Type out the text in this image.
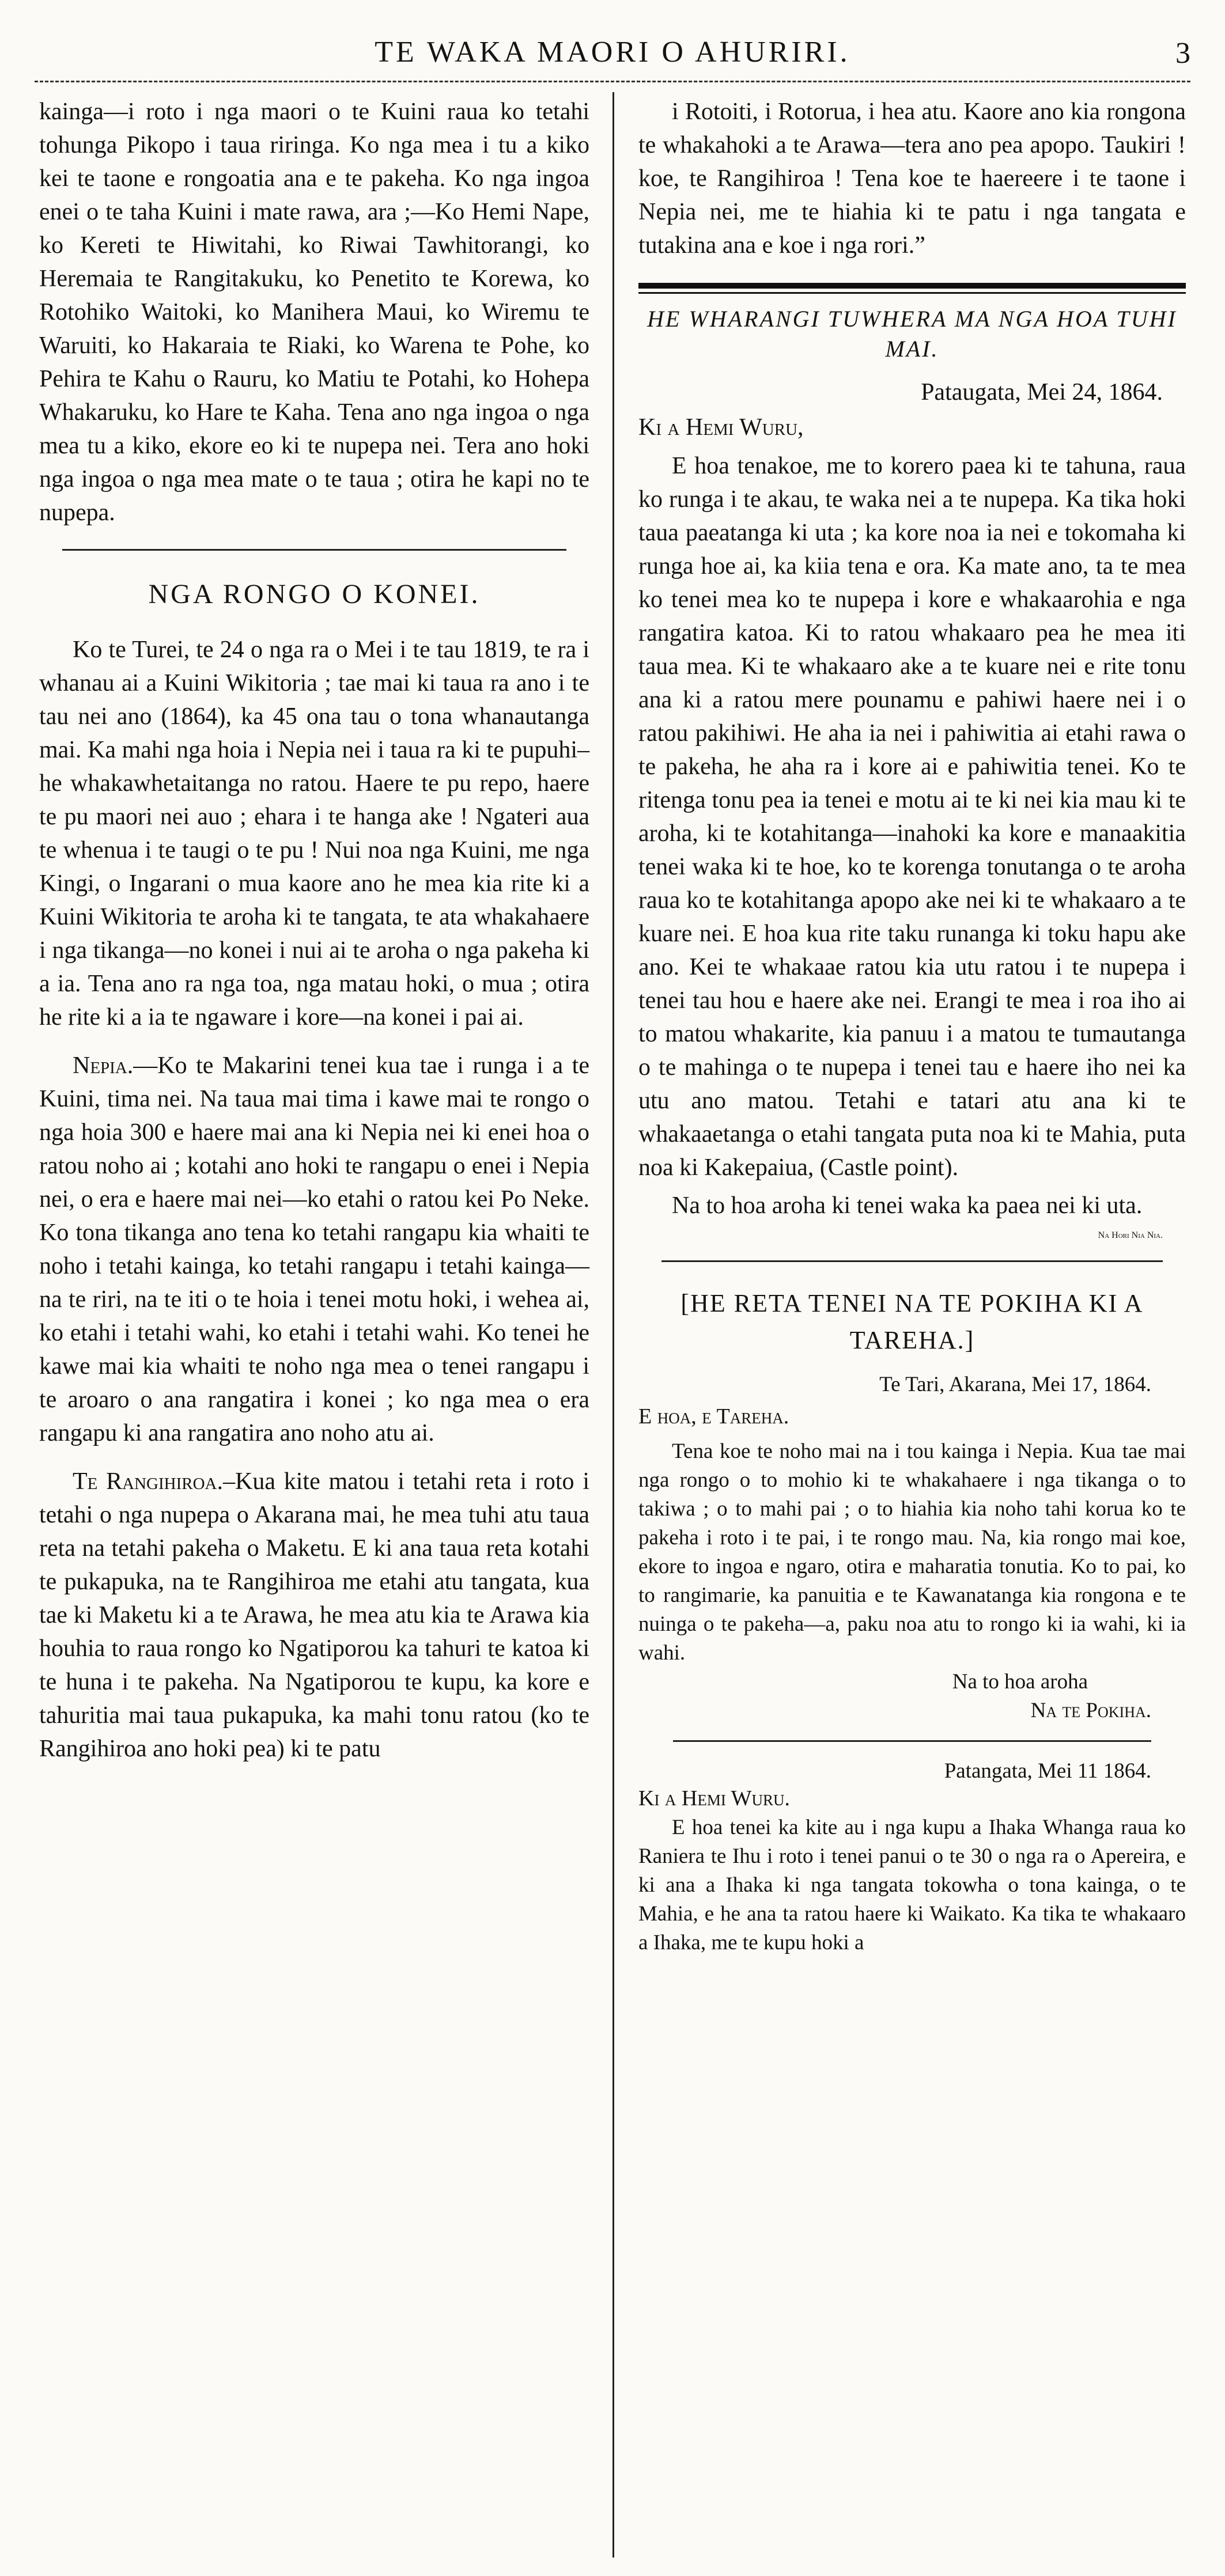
TE WAKA MAORI O AHURIRI.	3

kainga—i roto i nga maori o te Kuini raua ko tetahi tohunga Pikopo i taua riringa. Ko nga mea i tu a kiko kei te taone e rongoatia ana e te pakeha. Ko nga ingoa enei o te taha Kuini i mate rawa, ara ;—Ko Hemi Nape, ko Kereti te Hiwitahi, ko Riwai Tawhitorangi, ko Heremaia te Rangitakuku, ko Penetito te Korewa, ko Rotohiko Waitoki, ko Manihera Maui, ko Wiremu te Waruiti, ko Hakaraia te Riaki, ko Warena te Pohe, ko Pehira te Kahu o Rauru, ko Matiu te Potahi, ko Hohepa Whakaruku, ko Hare te Kaha. Tena ano nga ingoa o nga mea tu a kiko, ekore eo ki te nupepa nei. Tera ano hoki nga ingoa o nga mea mate o te taua ; otira he kapi no te nupepa.

NGA RONGO O KONEI.

Ko te Turei, te 24 o nga ra o Mei i te tau 1819, te ra i whanau ai a Kuini Wikitoria ; tae mai ki taua ra ano i te tau nei ano (1864), ka 45 ona tau o tona whanautanga mai. Ka mahi nga hoia i Nepia nei i taua ra ki te pupuhi–he whakawhetaitanga no ratou. Haere te pu repo, haere te pu maori nei auo ; ehara i te hanga ake ! Ngateri aua te whenua i te taugi o te pu ! Nui noa nga Kuini, me nga Kingi, o Ingarani o mua kaore ano he mea kia rite ki a Kuini Wikitoria te aroha ki te tangata, te ata whakahaere i nga tikanga—no konei i nui ai te aroha o nga pakeha ki a ia. Tena ano ra nga toa, nga matau hoki, o mua ; otira he rite ki a ia te ngaware i kore—na konei i pai ai.

Nepia.—Ko te Makarini tenei kua tae i runga i a te Kuini, tima nei. Na taua mai tima i kawe mai te rongo o nga hoia 300 e haere mai ana ki Nepia nei ki enei hoa o ratou noho ai ; kotahi ano hoki te rangapu o enei i Nepia nei, o era e haere mai nei—ko etahi o ratou kei Po Neke. Ko tona tikanga ano tena ko tetahi rangapu kia whaiti te noho i tetahi kainga, ko tetahi rangapu i tetahi kainga—na te riri, na te iti o te hoia i tenei motu hoki, i wehea ai, ko etahi i tetahi wahi, ko etahi i tetahi wahi. Ko tenei he kawe mai kia whaiti te noho nga mea o tenei rangapu i te aroaro o ana rangatira i konei ; ko nga mea o era rangapu ki ana rangatira ano noho atu ai.

Te Rangihiroa.–Kua kite matou i tetahi reta i roto i tetahi o nga nupepa o Akarana mai, he mea tuhi atu taua reta na tetahi pakeha o Maketu. E ki ana taua reta kotahi te pukapuka, na te Rangihiroa me etahi atu tangata, kua tae ki Maketu ki a te Arawa, he mea atu kia te Arawa kia houhia to raua rongo ko Ngatiporou ka tahuri te katoa ki te huna i te pakeha. Na Ngatiporou te kupu, ka kore e tahuritia mai taua pukapuka, ka mahi tonu ratou (ko te Rangihiroa ano hoki pea) ki te patu

i Rotoiti, i Rotorua, i hea atu. Kaore ano kia rongona te whakahoki a te Arawa—tera ano pea apopo. Taukiri ! koe, te Rangihiroa ! Tena koe te haereere i te taone i Nepia nei, me te hiahia ki te patu i nga tangata e tutakina ana e koe i nga rori.”

HE WHARANGI TUWHERA MA NGA HOA TUHI MAI.

Pataugata, Mei 24, 1864.

Ki a Hemi Wuru,

E hoa tenakoe, me to korero paea ki te tahuna, raua ko runga i te akau, te waka nei a te nupepa. Ka tika hoki taua paeatanga ki uta ; ka kore noa ia nei e tokomaha ki runga hoe ai, ka kiia tena e ora. Ka mate ano, ta te mea ko tenei mea ko te nupepa i kore e whakaarohia e nga rangatira katoa. Ki to ratou whakaaro pea he mea iti taua mea. Ki te whakaaro ake a te kuare nei e rite tonu ana ki a ratou mere pounamu e pahiwi haere nei i o ratou pakihiwi. He aha ia nei i pahiwitia ai etahi rawa o te pakeha, he aha ra i kore ai e pahiwitia tenei. Ko te ritenga tonu pea ia tenei e motu ai te ki nei kia mau ki te aroha, ki te kotahitanga—inahoki ka kore e manaakitia tenei waka ki te hoe, ko te korenga tonutanga o te aroha raua ko te kotahitanga apopo ake nei ki te whakaaro a te kuare nei. E hoa kua rite taku runanga ki toku hapu ake ano. Kei te whakaae ratou kia utu ratou i te nupepa i tenei tau hou e haere ake nei. Erangi te mea i roa iho ai to matou whakarite, kia panuu i a matou te tumautanga o te mahinga o te nupepa i tenei tau e haere iho nei ka utu ano matou. Tetahi e tatari atu ana ki te whakaaetanga o etahi tangata puta noa ki te Mahia, puta noa ki Kakepaiua, (Castle point).

Na to hoa aroha ki tenei waka ka paea nei ki uta.

Na Hori Nia Nia.
[HE RETA TENEI NA TE POKIHA KI A TAREHA.]

Te Tari, Akarana, Mei 17, 1864.

E hoa, e Tareha.

Tena koe te noho mai na i tou kainga i Nepia. Kua tae mai nga rongo o to mohio ki te whakahaere i nga tikanga o to takiwa ; o to mahi pai ; o to hiahia kia noho tahi korua ko te pakeha i roto i te pai, i te rongo mau. Na, kia rongo mai koe, ekore to ingoa e ngaro, otira e maharatia tonutia. Ko to pai, ko to rangimarie, ka panuitia e te Kawanatanga kia rongona e te nuinga o te pakeha—a, paku noa atu to rongo ki ia wahi, ki ia wahi.

Na to hoa aroha
Na te Pokiha.

Patangata, Mei 11 1864.

Ki a Hemi Wuru.

E hoa tenei ka kite au i nga kupu a Ihaka Whanga raua ko Raniera te Ihu i roto i tenei panui o te 30 o nga ra o Apereira, e ki ana a Ihaka ki nga tangata tokowha o tona kainga, o te Mahia, e he ana ta ratou haere ki Waikato. Ka tika te whakaaro a Ihaka, me te kupu hoki a
